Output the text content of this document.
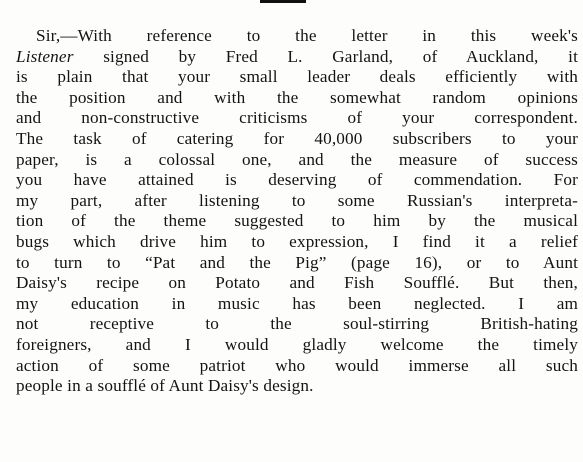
Sir,—With reference to the letter in this week's
Listener signed by Fred L. Garland, of Auckland, it
is plain that your small leader deals efficiently with
the position and with the somewhat random opinions
and non-constructive criticisms of your correspondent.
The task of catering for 40,000 subscribers to your
paper, is a colossal one, and the measure of success
you have attained is deserving of commendation. For
my part, after listening to some Russian's interpreta-
tion of the theme suggested to him by the musical
bugs which drive him to expression, I find it a relief
to turn to “Pat and the Pig” (page 16), or to Aunt
Daisy's recipe on Potato and Fish Soufflé. But then,
my education in music has been neglected. I am
not receptive to the soul-stirring British-hating
foreigners, and I would gladly welcome the timely
action of some patriot who would immerse all such
people in a soufflé of Aunt Daisy's design.
